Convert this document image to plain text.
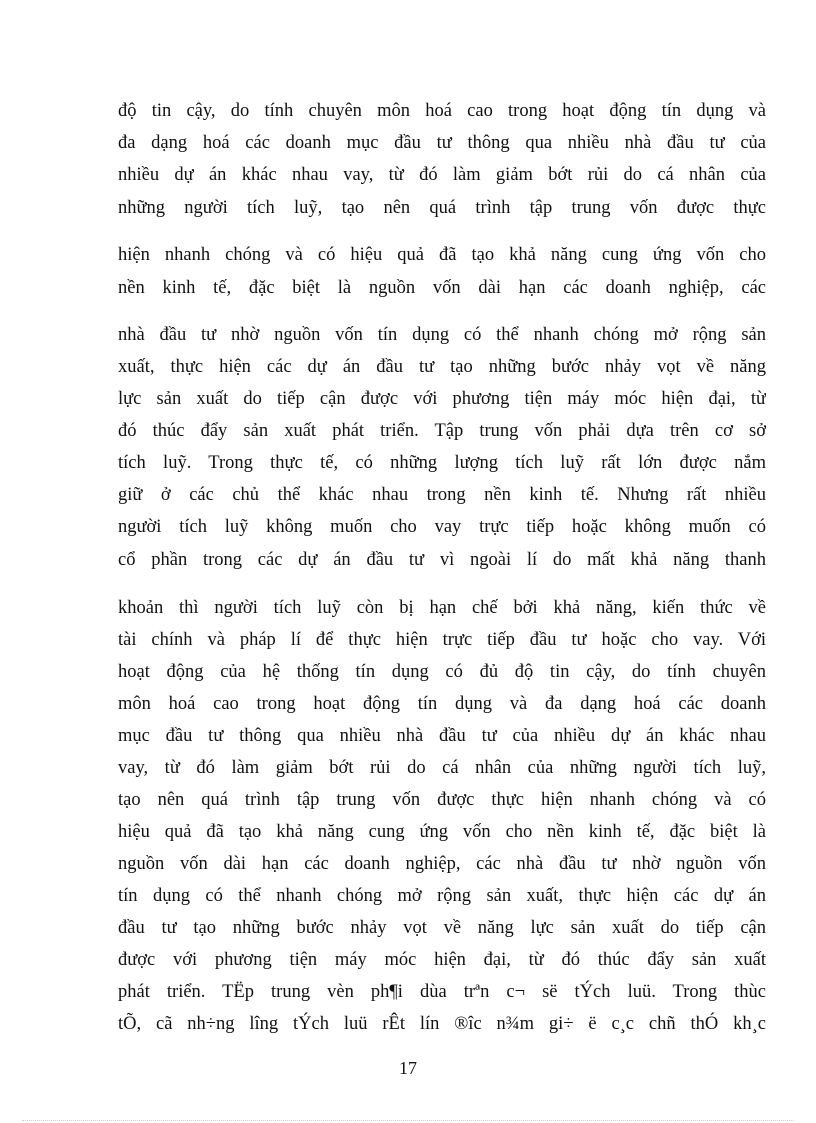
độ tin cậy, do tính chuyên môn hoá cao trong hoạt động tín dụng và
đa dạng hoá các doanh mục đầu tư thông qua nhiều nhà đầu tư của
nhiều dự án khác nhau vay, từ đó làm giảm bớt rủi do cá nhân của
những người tích luỹ, tạo nên quá trình tập trung vốn được thực
hiện nhanh chóng và có hiệu quả đã tạo khả năng cung ứng vốn cho
nền kinh tế, đặc biệt là nguồn vốn dài hạn các doanh nghiệp, các
nhà đầu tư nhờ nguồn vốn tín dụng có thể nhanh chóng mở rộng sản
xuất, thực hiện các dự án đầu tư tạo những bước nhảy vọt về năng
lực sản xuất do tiếp cận được với phương tiện máy móc hiện đại, từ
đó thúc đẩy sản xuất phát triển. Tập trung vốn phải dựa trên cơ sở
tích luỹ. Trong thực tế, có những lượng tích luỹ rất lớn được nắm
giữ ở các chủ thể khác nhau trong nền kinh tế. Nhưng rất nhiều
người tích luỹ không muốn cho vay trực tiếp hoặc không muốn có
cổ phần trong các dự án đầu tư vì ngoài lí do mất khả năng thanh
khoản thì người tích luỹ còn bị hạn chế bởi khả năng, kiến thức về
tài chính và pháp lí để thực hiện trực tiếp đầu tư hoặc cho vay. Với
hoạt động của hệ thống tín dụng có đủ độ tin cậy, do tính chuyên
môn hoá cao trong hoạt động tín dụng và đa dạng hoá các doanh
mục đầu tư thông qua nhiều nhà đầu tư của nhiều dự án khác nhau
vay, từ đó làm giảm bớt rủi do cá nhân của những người tích luỹ,
tạo nên quá trình tập trung vốn được thực hiện nhanh chóng và có
hiệu quả đã tạo khả năng cung ứng vốn cho nền kinh tế, đặc biệt là
nguồn vốn dài hạn các doanh nghiệp, các nhà đầu tư nhờ nguồn vốn
tín dụng có thể nhanh chóng mở rộng sản xuất, thực hiện các dự án
đầu tư tạo những bước nhảy vọt về năng lực sản xuất do tiếp cận
được với phương tiện máy móc hiện đại, từ đó thúc đẩy sản xuất
phát triển. TËp trung vèn ph¶i dùa trªn c¬ së tÝch luü. Trong thùc
tÕ, cã nh÷ng lîng tÝch luü rÊt lín ®îc n¾m gi÷ ë c¸c chñ thÓ kh¸c
17
